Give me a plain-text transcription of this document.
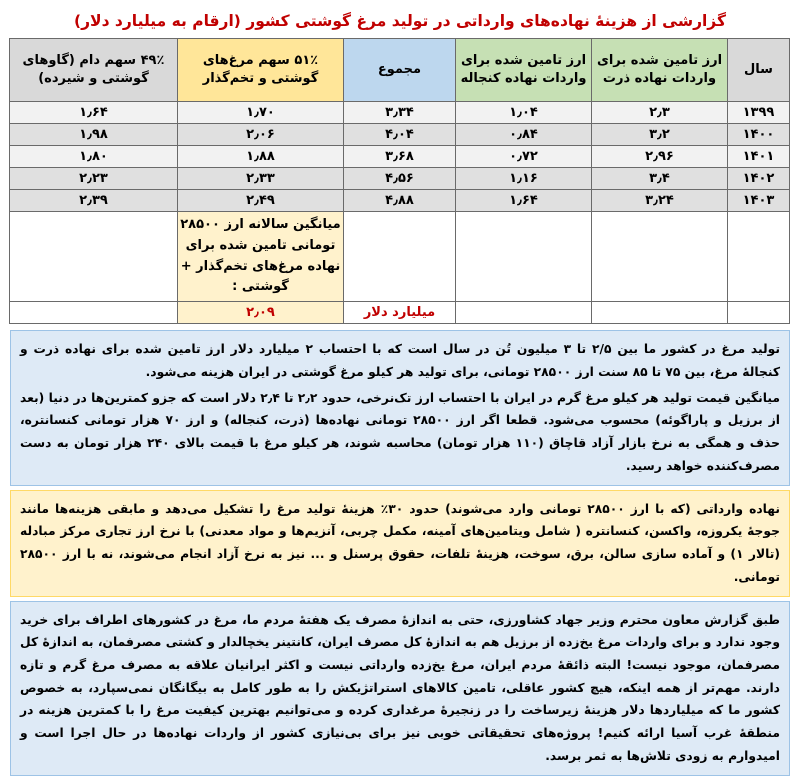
گزارشی از هزینۀ نهاده‌های وارداتی در تولید مرغ گوشتی کشور (ارقام به میلیارد دلار)
سال	ارز تامین شده برای واردات نهاده ذرت	ارز تامین شده برای واردات نهاده کنجاله	مجموع	۵۱٪ سهم مرغ‌های گوشتی و تخم‌گذار	۴۹٪ سهم دام (گاوهای گوشتی و شیرده)
۱۳۹۹	۲٫۳	۱٫۰۴	۳٫۳۴	۱٫۷۰	۱٫۶۴
۱۴۰۰	۳٫۲	۰٫۸۴	۴٫۰۴	۲٫۰۶	۱٫۹۸
۱۴۰۱	۲٫۹۶	۰٫۷۲	۳٫۶۸	۱٫۸۸	۱٫۸۰
۱۴۰۲	۳٫۴	۱٫۱۶	۴٫۵۶	۲٫۳۳	۲٫۲۳
۱۴۰۳	۳٫۲۴	۱٫۶۴	۴٫۸۸	۲٫۴۹	۲٫۳۹
				میانگین سالانه ارز ۲۸۵۰۰ تومانی تامین شده برای نهاده مرغ‌های تخم‌گذار + گوشتی :	
			میلیارد دلار	۲٫۰۹	

تولید مرغ در کشور ما بین ۲/۵ تا ۳ میلیون تُن در سال است که با احتساب ۲ میلیارد دلار ارز تامین شده برای نهاده ذرت و کنجالۀ مرغ، بین ۷۵ تا ۸۵ سنت ارز ۲۸۵۰۰ تومانی، برای تولید هر کیلو مرغ گوشتی در ایران هزینه می‌شود.

میانگین قیمت تولید هر کیلو مرغ گرم در ایران با احتساب ارز تک‌نرخی، حدود ۲٫۲ تا ۲٫۴ دلار است که جزو کمترین‌ها در دنیا (بعد از برزیل و پاراگوئه) محسوب می‌شود. قطعا اگر ارز ۲۸۵۰۰ تومانی نهاده‌ها (ذرت، کنجاله) و ارز ۷۰ هزار تومانی کنسانتره، حذف و همگی به نرخ بازار آزاد قاچاق (۱۱۰ هزار تومان) محاسبه شوند، هر کیلو مرغ با قیمت بالای ۲۴۰ هزار تومان به دست مصرف‌کننده خواهد رسید.

نهاده وارداتی (که با ارز ۲۸۵۰۰ تومانی وارد می‌شوند) حدود ۳۰٪ هزینۀ تولید مرغ را تشکیل می‌دهد و مابقی هزینه‌ها مانند جوجۀ یکروزه، واکسن، کنسانتره ( شامل ویتامین‌های آمینه، مکمل چربی، آنزیم‌ها و مواد معدنی) با نرخ ارز تجاری مرکز مبادله (تالار ۱) و آماده سازی سالن، برق، سوخت، هزینۀ تلفات، حقوق پرسنل و ... نیز به نرخ آزاد انجام می‌شوند، نه با ارز ۲۸۵۰۰ تومانی.

طبق گزارش معاون محترم وزیر جهاد کشاورزی، حتی به اندازۀ مصرف یک هفتۀ مردم ما، مرغ در کشورهای اطراف برای خرید وجود ندارد و برای واردات مرغ یخ‌زده از برزیل هم به اندازۀ کل مصرف ایران، کانتینر یخچالدار و کشتی مصرفمان، به اندازۀ کل مصرفمان، موجود نیست! البته ذائقۀ مردم ایران، مرغ یخ‌زده وارداتی نیست و اکثر ایرانیان علاقه به مصرف مرغ گرم و تازه دارند. مهم‌تر از همه اینکه، هیچ کشور عاقلی، تامین کالاهای استراتژیکش را به طور کامل به بیگانگان نمی‌سپارد، به خصوص کشور ما که میلیاردها دلار هزینۀ زیرساخت را در زنجیرۀ مرغداری کرده و می‌توانیم بهترین کیفیت مرغ را با کمترین هزینه در منطقۀ غرب آسیا ارائه کنیم! پروژه‌های تحقیقاتی خوبی نیز برای بی‌نیازی کشور از واردات نهاده‌ها در حال اجرا است و امیدوارم به زودی تلاش‌ها به ثمر برسد.
